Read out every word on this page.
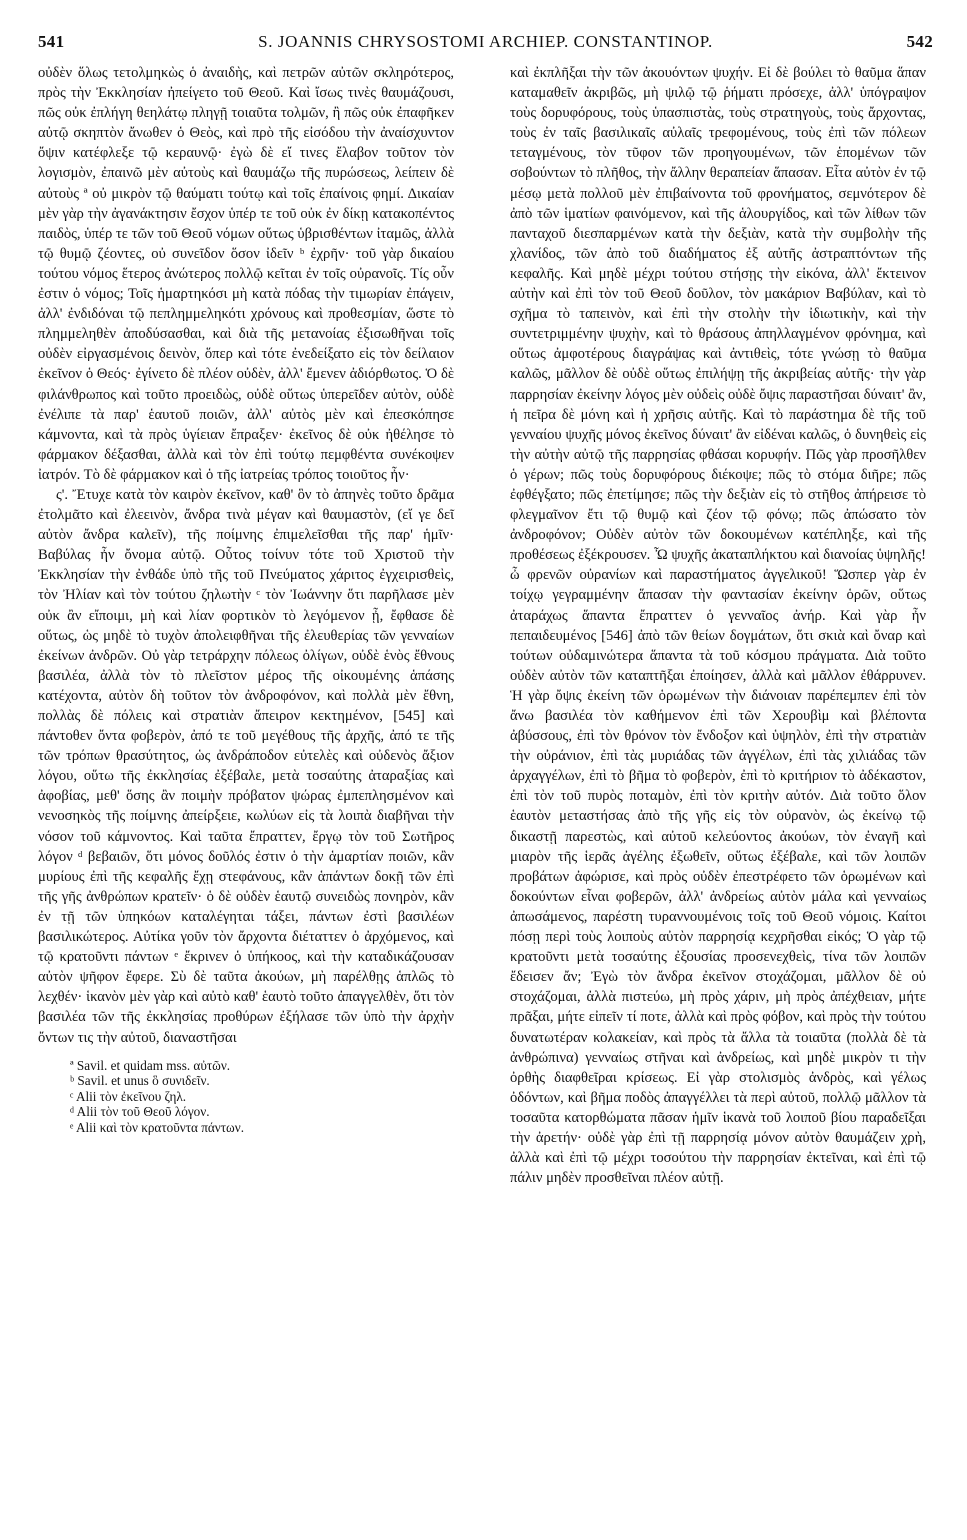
541	S. JOANNIS CHRYSOSTOMI ARCHIEP. CONSTANTINOP.	542

οὐδὲν ὅλως τετολμηκὼς ὁ ἀναιδὴς, καὶ πετρῶν αὐτῶν σκληρότερος, πρὸς τὴν Ἐκκλησίαν ἠπείγετο τοῦ Θεοῦ. Καὶ ἴσως τινὲς θαυμάζουσι, πῶς οὐκ ἐπλήγη θεηλάτῳ πληγῇ τοιαῦτα τολμῶν, ἢ πῶς οὐκ ἐπαφῆκεν αὐτῷ σκηπτὸν ἄνωθεν ὁ Θεὸς, καὶ πρὸ τῆς εἰσόδου τὴν ἀναίσχυντον ὄψιν κατέφλεξε τῷ κεραυνῷ· ἐγὼ δὲ εἴ τινες ἔλαβον τοῦτον τὸν λογισμὸν, ἐπαινῶ μὲν αὐτοὺς καὶ θαυμάζω τῆς πυρώσεως, λείπειν δὲ αὐτοὺς ª οὐ μικρὸν τῷ θαύματι τούτῳ καὶ τοῖς ἐπαίνοις φημί. Δικαίαν μὲν γὰρ τὴν ἀγανάκτησιν ἔσχον ὑπέρ τε τοῦ οὐκ ἐν δίκῃ κατακοπέντος παιδὸς, ὑπέρ τε τῶν τοῦ Θεοῦ νόμων οὕτως ὑβρισθέντων ἰταμῶς, ἀλλὰ τῷ θυμῷ ζέοντες, οὐ συνεῖδον ὅσον ἰδεῖν ᵇ ἐχρῆν· τοῦ γὰρ δικαίου τούτου νόμος ἕτερος ἀνώτερος πολλῷ κεῖται ἐν τοῖς οὐρανοῖς. Τίς οὖν ἐστιν ὁ νόμος; Τοῖς ἡμαρτηκόσι μὴ κατὰ πόδας τὴν τιμωρίαν ἐπάγειν, ἀλλ' ἐνδιδόναι τῷ πεπλημμεληκότι χρόνους καὶ προθεσμίαν, ὥστε τὸ πλημμεληθὲν ἀποδύσασθαι, καὶ διὰ τῆς μετανοίας ἐξισωθῆναι τοῖς οὐδὲν εἰργασμένοις δεινὸν, ὅπερ καὶ τότε ἐνεδείξατο εἰς τὸν δείλαιον ἐκεῖνον ὁ Θεός· ἐγίνετο δὲ πλέον οὐδὲν, ἀλλ' ἔμενεν ἀδιόρθωτος. Ὁ δὲ φιλάνθρωπος καὶ τοῦτο προειδὼς, οὐδὲ οὕτως ὑπερεῖδεν αὐτὸν, οὐδὲ ἐνέλιπε τὰ παρ' ἑαυτοῦ ποιῶν, ἀλλ' αὐτὸς μὲν καὶ ἐπεσκόπησε κάμνοντα, καὶ τὰ πρὸς ὑγίειαν ἔπραξεν· ἐκεῖνος δὲ οὐκ ἠθέλησε τὸ φάρμακον δέξασθαι, ἀλλὰ καὶ τὸν ἐπὶ τούτῳ πεμφθέντα συνέκοψεν ἰατρόν. Τὸ δὲ φάρμακον καὶ ὁ τῆς ἰατρείας τρόπος τοιοῦτος ἦν·

ς'. Ἔτυχε κατὰ τὸν καιρὸν ἐκεῖνον, καθ' ὃν τὸ ἀπηνὲς τοῦτο δρᾶμα ἐτολμᾶτο καὶ ἐλεεινὸν, ἄνδρα τινὰ μέγαν καὶ θαυμαστὸν, (εἴ γε δεῖ αὐτὸν ἄνδρα καλεῖν), τῆς ποίμνης ἐπιμελεῖσθαι τῆς παρ' ἡμῖν· Βαβύλας ἦν ὄνομα αὐτῷ. Οὗτος τοίνυν τότε τοῦ Χριστοῦ τὴν Ἐκκλησίαν τὴν ἐνθάδε ὑπὸ τῆς τοῦ Πνεύματος χάριτος ἐγχειρισθεὶς, τὸν Ἠλίαν καὶ τὸν τούτου ζηλωτὴν ᶜ τὸν Ἰωάννην ὅτι παρῆλασε μὲν οὐκ ἂν εἴποιμι, μὴ καὶ λίαν φορτικὸν τὸ λεγόμενον ᾖ, ἔφθασε δὲ οὕτως, ὡς μηδὲ τὸ τυχὸν ἀπολειφθῆναι τῆς ἐλευθερίας τῶν γενναίων ἐκείνων ἀνδρῶν. Οὐ γὰρ τετράρχην πόλεως ὀλίγων, οὐδὲ ἑνὸς ἔθνους βασιλέα, ἀλλὰ τὸν τὸ πλεῖστον μέρος τῆς οἰκουμένης ἁπάσης κατέχοντα, αὐτὸν δὴ τοῦτον τὸν ἀνδροφόνον, καὶ πολλὰ μὲν ἔθνη, πολλὰς δὲ πόλεις καὶ στρατιὰν ἄπειρον κεκτημένον, [545] καὶ πάντοθεν ὄντα φοβερὸν, ἀπό τε τοῦ μεγέθους τῆς ἀρχῆς, ἀπό τε τῆς τῶν τρόπων θρασύτητος, ὡς ἀνδράποδον εὐτελὲς καὶ οὐδενὸς ἄξιον λόγου, οὕτω τῆς ἐκκλησίας ἐξέβαλε, μετὰ τοσαύτης ἀταραξίας καὶ ἀφοβίας, μεθ' ὅσης ἂν ποιμὴν πρόβατον ψώρας ἐμπεπλησμένον καὶ νενοσηκὸς τῆς ποίμνης ἀπείρξειε, κωλύων εἰς τὰ λοιπὰ διαβῆναι τὴν νόσον τοῦ κάμνοντος. Καὶ ταῦτα ἔπραττεν, ἔργῳ τὸν τοῦ Σωτῆρος λόγον ᵈ βεβαιῶν, ὅτι μόνος δοῦλός ἐστιν ὁ τὴν ἁμαρτίαν ποιῶν, κἂν μυρίους ἐπὶ τῆς κεφαλῆς ἔχῃ στεφάνους, κἂν ἁπάντων δοκῇ τῶν ἐπὶ τῆς γῆς ἀνθρώπων κρατεῖν· ὁ δὲ οὐδὲν ἑαυτῷ συνειδὼς πονηρὸν, κἂν ἐν τῇ τῶν ὑπηκόων καταλέγηται τάξει, πάντων ἐστὶ βασιλέων βασιλικώτερος. Αὐτίκα γοῦν τὸν ἄρχοντα διέταττεν ὁ ἀρχόμενος, καὶ τῷ κρατοῦντι πάντων ᵉ ἔκρινεν ὁ ὑπήκοος, καὶ τὴν καταδικάζουσαν αὐτὸν ψῆφον ἔφερε. Σὺ δὲ ταῦτα ἀκούων, μὴ παρέλθῃς ἁπλῶς τὸ λεχθέν· ἱκανὸν μὲν γὰρ καὶ αὐτὸ καθ' ἑαυτὸ τοῦτο ἀπαγγελθὲν, ὅτι τὸν βασιλέα τῶν τῆς ἐκκλησίας προθύρων ἐξήλασε τῶν ὑπὸ τὴν ἀρχὴν ὄντων τις τὴν αὐτοῦ, διαναστῆσαι

ª Savil. et quidam mss. αὐτῶν.
ᵇ Savil. et unus ὃ συνιδεῖν.
ᶜ Alii τὸν ἐκεῖνου ζηλ.
ᵈ Alii τὸν τοῦ Θεοῦ λόγον.
ᵉ Alii καὶ τὸν κρατοῦντα πάντων.

καὶ ἐκπλῆξαι τὴν τῶν ἀκουόντων ψυχήν. Εἰ δὲ βούλει τὸ θαῦμα ἅπαν καταμαθεῖν ἀκριβῶς, μὴ ψιλῷ τῷ ῥήματι πρόσεχε, ἀλλ' ὑπόγραψον τοὺς δορυφόρους, τοὺς ὑπασπιστὰς, τοὺς στρατηγοὺς, τοὺς ἄρχοντας, τοὺς ἐν ταῖς βασιλικαῖς αὐλαῖς τρεφομένους, τοὺς ἐπὶ τῶν πόλεων τεταγμένους, τὸν τῦφον τῶν προηγουμένων, τῶν ἑπομένων τῶν σοβούντων τὸ πλῆθος, τὴν ἄλλην θεραπείαν ἅπασαν. Εἶτα αὐτὸν ἐν τῷ μέσῳ μετὰ πολλοῦ μὲν ἐπιβαίνοντα τοῦ φρονήματος, σεμνότερον δὲ ἀπὸ τῶν ἱματίων φαινόμενον, καὶ τῆς ἁλουργίδος, καὶ τῶν λίθων τῶν πανταχοῦ διεσπαρμένων κατὰ τὴν δεξιὰν, κατὰ τὴν συμβολὴν τῆς χλανίδος, τῶν ἀπὸ τοῦ διαδήματος ἐξ αὐτῆς ἀστραπτόντων τῆς κεφαλῆς. Καὶ μηδὲ μέχρι τούτου στήσῃς τὴν εἰκόνα, ἀλλ' ἔκτεινον αὐτὴν καὶ ἐπὶ τὸν τοῦ Θεοῦ δοῦλον, τὸν μακάριον Βαβύλαν, καὶ τὸ σχῆμα τὸ ταπεινὸν, καὶ ἐπὶ τὴν στολὴν τὴν ἰδιωτικὴν, καὶ τὴν συντετριμμένην ψυχὴν, καὶ τὸ θράσους ἀπηλλαγμένον φρόνημα, καὶ οὕτως ἀμφοτέρους διαγράψας καὶ ἀντιθεὶς, τότε γνώσῃ τὸ θαῦμα καλῶς, μᾶλλον δὲ οὐδὲ οὕτως ἐπιλήψῃ τῆς ἀκριβείας αὐτῆς· τὴν γὰρ παρρησίαν ἐκείνην λόγος μὲν οὐδεὶς οὐδὲ ὄψις παραστῆσαι δύναιτ' ἂν, ἡ πεῖρα δὲ μόνη καὶ ἡ χρῆσις αὐτῆς. Καὶ τὸ παράστημα δὲ τῆς τοῦ γενναίου ψυχῆς μόνος ἐκεῖνος δύναιτ' ἂν εἰδέναι καλῶς, ὁ δυνηθεὶς εἰς τὴν αὐτὴν αὐτῷ τῆς παρρησίας φθάσαι κορυφήν. Πῶς γὰρ προσῆλθεν ὁ γέρων; πῶς τοὺς δορυφόρους διέκοψε; πῶς τὸ στόμα διῆρε; πῶς ἐφθέγξατο; πῶς ἐπετίμησε; πῶς τὴν δεξιὰν εἰς τὸ στῆθος ἀπήρεισε τὸ φλεγμαῖνον ἔτι τῷ θυμῷ καὶ ζέον τῷ φόνῳ; πῶς ἀπώσατο τὸν ἀνδροφόνον; Οὐδὲν αὐτὸν τῶν δοκουμένων κατέπληξε, καὶ τῆς προθέσεως ἐξέκρουσεν. Ὦ ψυχῆς ἀκαταπλήκτου καὶ διανοίας ὑψηλῆς! ὦ φρενῶν οὐρανίων καὶ παραστήματος ἀγγελικοῦ! Ὥσπερ γὰρ ἐν τοίχῳ γεγραμμένην ἅπασαν τὴν φαντασίαν ἐκείνην ὁρῶν, οὕτως ἀταράχως ἅπαντα ἔπραττεν ὁ γενναῖος ἀνήρ. Καὶ γὰρ ἦν πεπαιδευμένος [546] ἀπὸ τῶν θείων δογμάτων, ὅτι σκιὰ καὶ ὄναρ καὶ τούτων οὐδαμινώτερα ἅπαντα τὰ τοῦ κόσμου πράγματα. Διὰ τοῦτο οὐδὲν αὐτὸν τῶν καταπτῆξαι ἐποίησεν, ἀλλὰ καὶ μᾶλλον ἐθάρρυνεν. Ἡ γὰρ ὄψις ἐκείνη τῶν ὁρωμένων τὴν διάνοιαν παρέπεμπεν ἐπὶ τὸν ἄνω βασιλέα τὸν καθήμενον ἐπὶ τῶν Χερουβὶμ καὶ βλέποντα ἀβύσσους, ἐπὶ τὸν θρόνον τὸν ἔνδοξον καὶ ὑψηλὸν, ἐπὶ τὴν στρατιὰν τὴν οὐράνιον, ἐπὶ τὰς μυριάδας τῶν ἀγγέλων, ἐπὶ τὰς χιλιάδας τῶν ἀρχαγγέλων, ἐπὶ τὸ βῆμα τὸ φοβερὸν, ἐπὶ τὸ κριτήριον τὸ ἀδέκαστον, ἐπὶ τὸν τοῦ πυρὸς ποταμὸν, ἐπὶ τὸν κριτὴν αὐτόν. Διὰ τοῦτο ὅλον ἑαυτὸν μεταστήσας ἀπὸ τῆς γῆς εἰς τὸν οὐρανὸν, ὡς ἐκείνῳ τῷ δικαστῇ παρεστὼς, καὶ αὐτοῦ κελεύοντος ἀκούων, τὸν ἐναγῆ καὶ μιαρὸν τῆς ἱερᾶς ἀγέλης ἐξωθεῖν, οὕτως ἐξέβαλε, καὶ τῶν λοιπῶν προβάτων ἀφώρισε, καὶ πρὸς οὐδὲν ἐπεστρέφετο τῶν ὁρωμένων καὶ δοκούντων εἶναι φοβερῶν, ἀλλ' ἀνδρείως αὐτὸν μάλα καὶ γενναίως ἀπωσάμενος, παρέστη τυραννουμένοις τοῖς τοῦ Θεοῦ νόμοις. Καίτοι πόσῃ περὶ τοὺς λοιποὺς αὐτὸν παρρησίᾳ κεχρῆσθαι εἰκός; Ὁ γὰρ τῷ κρατοῦντι μετὰ τοσαύτης ἐξουσίας προσενεχθεὶς, τίνα τῶν λοιπῶν ἔδεισεν ἄν; Ἐγὼ τὸν ἄνδρα ἐκεῖνον στοχάζομαι, μᾶλλον δὲ οὐ στοχάζομαι, ἀλλὰ πιστεύω, μὴ πρὸς χάριν, μὴ πρὸς ἀπέχθειαν, μήτε πρᾶξαι, μήτε εἰπεῖν τί ποτε, ἀλλὰ καὶ πρὸς φόβον, καὶ πρὸς τὴν τούτου δυνατωτέραν κολακείαν, καὶ πρὸς τὰ ἄλλα τὰ τοιαῦτα (πολλὰ δὲ τὰ ἀνθρώπινα) γενναίως στῆναι καὶ ἀνδρείως, καὶ μηδὲ μικρὸν τι τὴν ὀρθὴς διαφθεῖραι κρίσεως. Εἰ γὰρ στολισμὸς ἀνδρὸς, καὶ γέλως ὀδόντων, καὶ βῆμα ποδὸς ἀπαγγέλλει τὰ περὶ αὐτοῦ, πολλῷ μᾶλλον τὰ τοσαῦτα κατορθώματα πᾶσαν ἡμῖν ἱκανὰ τοῦ λοιποῦ βίου παραδεῖξαι τὴν ἀρετήν· οὐδὲ γὰρ ἐπὶ τῇ παρρησίᾳ μόνον αὐτὸν θαυμάζειν χρὴ, ἀλλὰ καὶ ἐπὶ τῷ μέχρι τοσούτου τὴν παρρησίαν ἐκτεῖναι, καὶ ἐπὶ τῷ πάλιν μηδὲν προσθεῖναι πλέον αὐτῇ.
